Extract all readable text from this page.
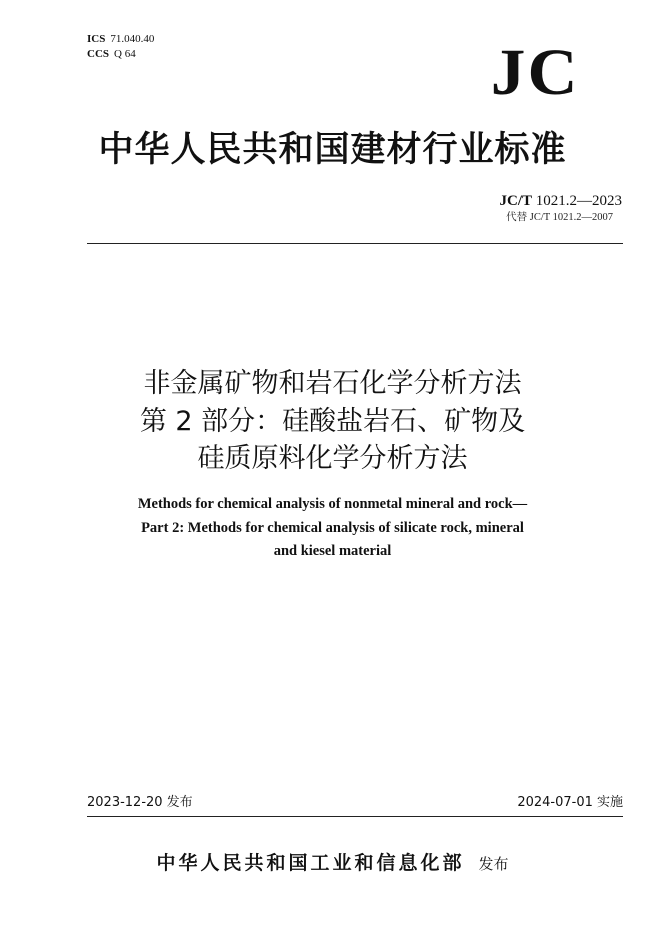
ICS 71.040.40
CCS Q 64	JC
中华人民共和国建材行业标准
JC/T 1021.2—2023
代替 JC/T 1021.2—2007
非金属矿物和岩石化学分析方法
第 2 部分：硅酸盐岩石、矿物及
硅质原料化学分析方法
Methods for chemical analysis of nonmetal mineral and rock—
Part 2: Methods for chemical analysis of silicate rock, mineral
and kiesel material
2023-12-20 发布	2024-07-01 实施
中华人民共和国工业和信息化部 发布
